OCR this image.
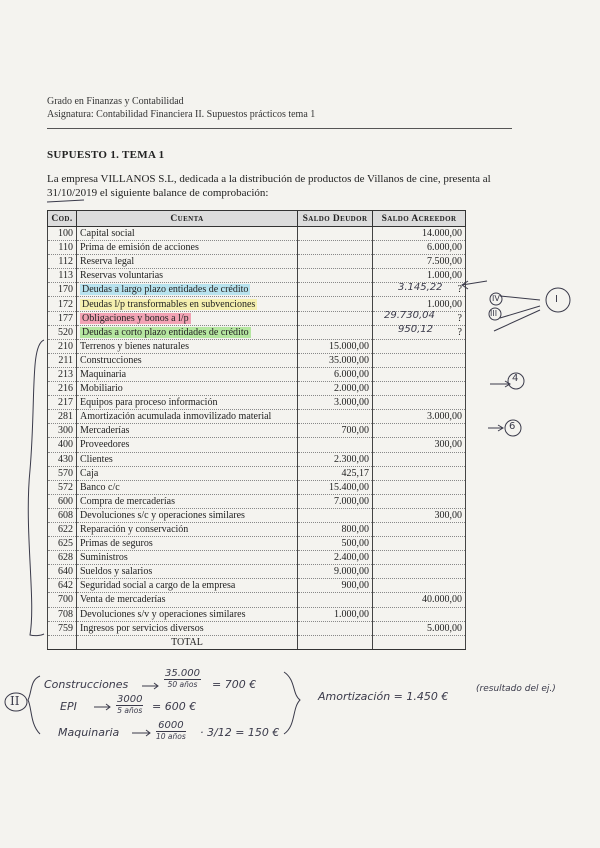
Grado en Finanzas y Contabilidad
Asignatura: Contabilidad Financiera II. Supuestos prácticos tema 1
SUPUESTO 1. TEMA 1
La empresa VILLANOS S.L, dedicada a la distribución de productos de Villanos de cine, presenta al 31/10/2019 el siguiente balance de comprobación:
Cod.	Cuenta	Saldo Deudor	Saldo Acreedor
100	Capital social		14.000,00
110	Prima de emisión de acciones		6.000,00
112	Reserva legal		7.500,00
113	Reservas voluntarias		1.000,00
170	Deudas a largo plazo entidades de crédito		?
172	Deudas l/p transformables en subvenciones		1.000,00
177	Obligaciones y bonos a l/p		?
520	Deudas a corto plazo entidades de crédito		?
210	Terrenos y bienes naturales	15.000,00	
211	Construcciones	35.000,00	
213	Maquinaria	6.000,00	
216	Mobiliario	2.000,00	
217	Equipos para proceso información	3.000,00	
281	Amortización acumulada inmovilizado material		3.000,00
300	Mercaderías	700,00	
400	Proveedores		300,00
430	Clientes	2.300,00	
570	Caja	425,17	
572	Banco c/c	15.400,00	
600	Compra de mercaderías	7.000,00	
608	Devoluciones s/c y operaciones similares		300,00
622	Reparación y conservación	800,00	
625	Primas de seguros	500,00	
628	Suministros	2.400,00	
640	Sueldos y salarios	9.000,00	
642	Seguridad social a cargo de la empresa	900,00	
700	Venta de mercaderías		40.000,00
708	Devoluciones s/v y operaciones similares	1.000,00	
759	Ingresos por servicios diversos		5.000,00
	TOTAL		
3.145,22
29.730,04
950,12
IV
III
I
4
6
II
Construcciones
35.000
50 años	= 700 €
EPI
3000
5 años = 600 €
Maquinaria
6000
10 años · 3/12 = 150 €
Amortización = 1.450 €
(resultado del ej.)
